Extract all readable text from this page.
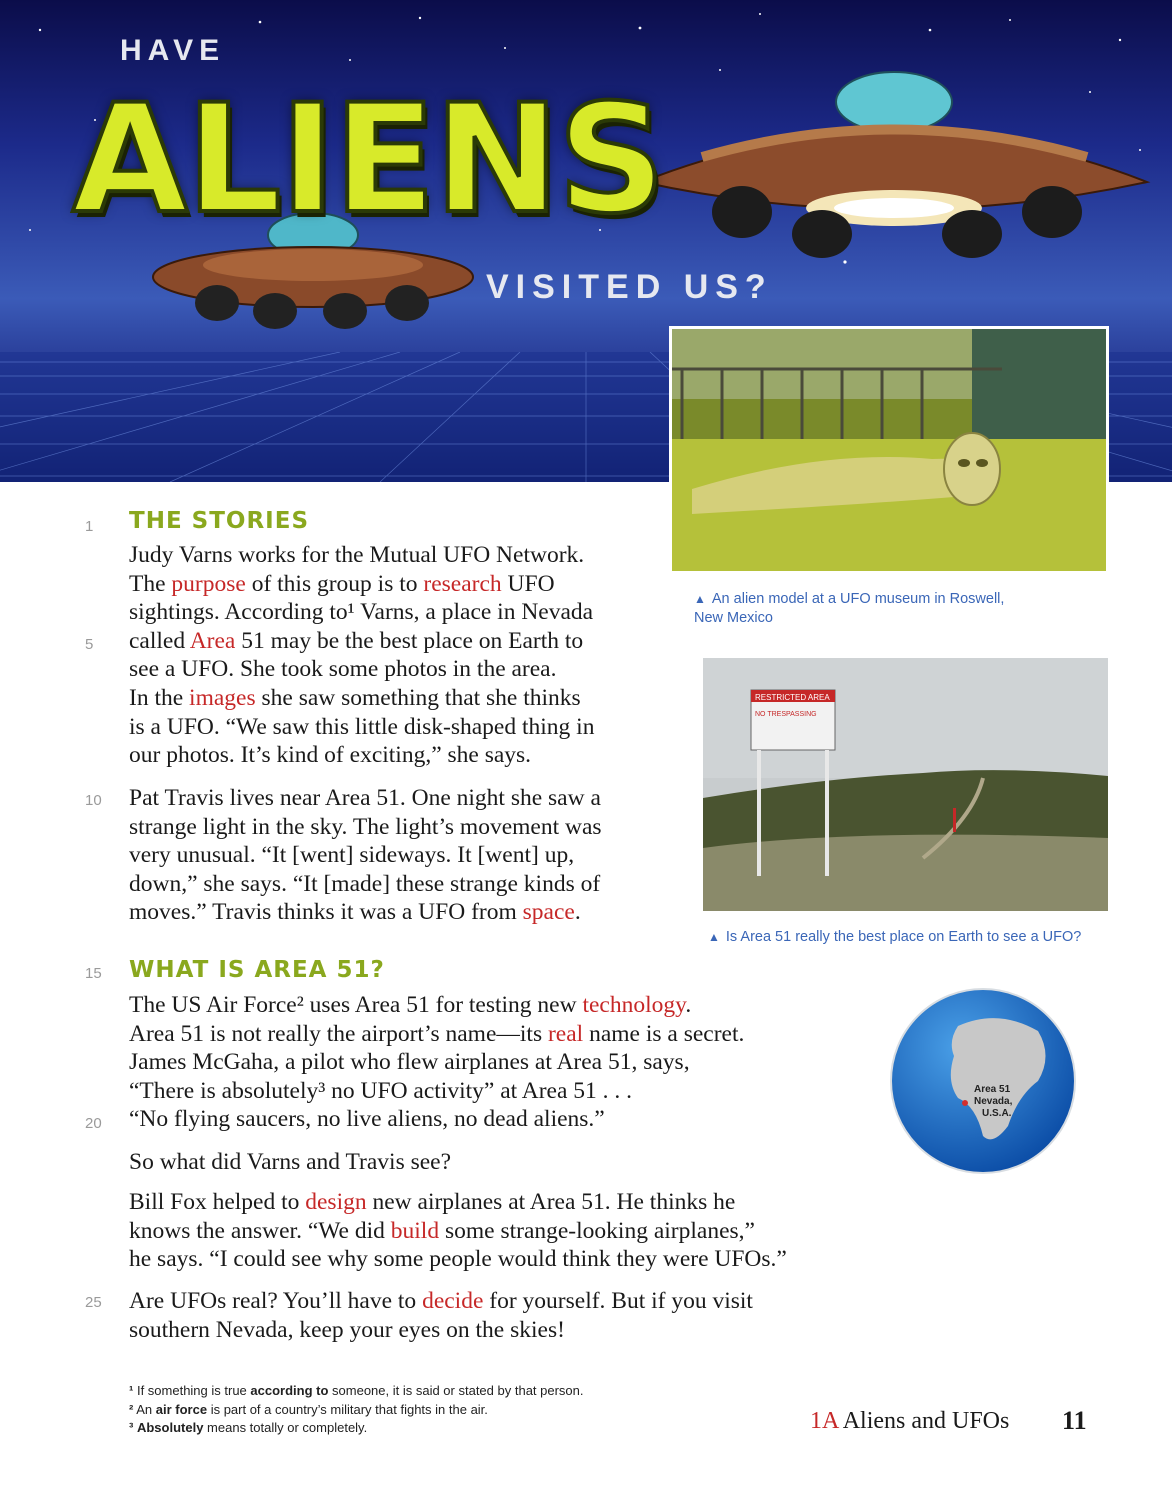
HAVE
ALIENS
VISITED US?
▲ An alien model at a UFO museum in Roswell, New Mexico
RESTRICTED AREA
NO TRESPASSING
▲ Is Area 51 really the best place on Earth to see a UFO?
Area 51
Nevada,
U.S.A.
1
5
10
15
20
25
THE STORIES
WHAT IS AREA 51?

Judy Varns works for the Mutual UFO Network.
The purpose of this group is to research UFO
sightings. According to¹ Varns, a place in Nevada
called Area 51 may be the best place on Earth to
see a UFO. She took some photos in the area.
In the images she saw something that she thinks
is a UFO. “We saw this little disk-shaped thing in
our photos. It’s kind of exciting,” she says.

Pat Travis lives near Area 51. One night she saw a
strange light in the sky. The light’s movement was
very unusual. “It [went] sideways. It [went] up,
down,” she says. “It [made] these strange kinds of
moves.” Travis thinks it was a UFO from space.

The US Air Force² uses Area 51 for testing new technology.
Area 51 is not really the airport’s name—its real name is a secret.
James McGaha, a pilot who flew airplanes at Area 51, says,
“There is absolutely³ no UFO activity” at Area 51 . . .
“No flying saucers, no live aliens, no dead aliens.”

So what did Varns and Travis see?

Bill Fox helped to design new airplanes at Area 51. He thinks he
knows the answer. “We did build some strange-looking airplanes,”
he says. “I could see why some people would think they were UFOs.”

Are UFOs real? You’ll have to decide for yourself. But if you visit
southern Nevada, keep your eyes on the skies!

¹ If something is true according to someone, it is said or stated by that person.
² An air force is part of a country’s military that fights in the air.
³ Absolutely means totally or completely.	1A Aliens and UFOs 11
